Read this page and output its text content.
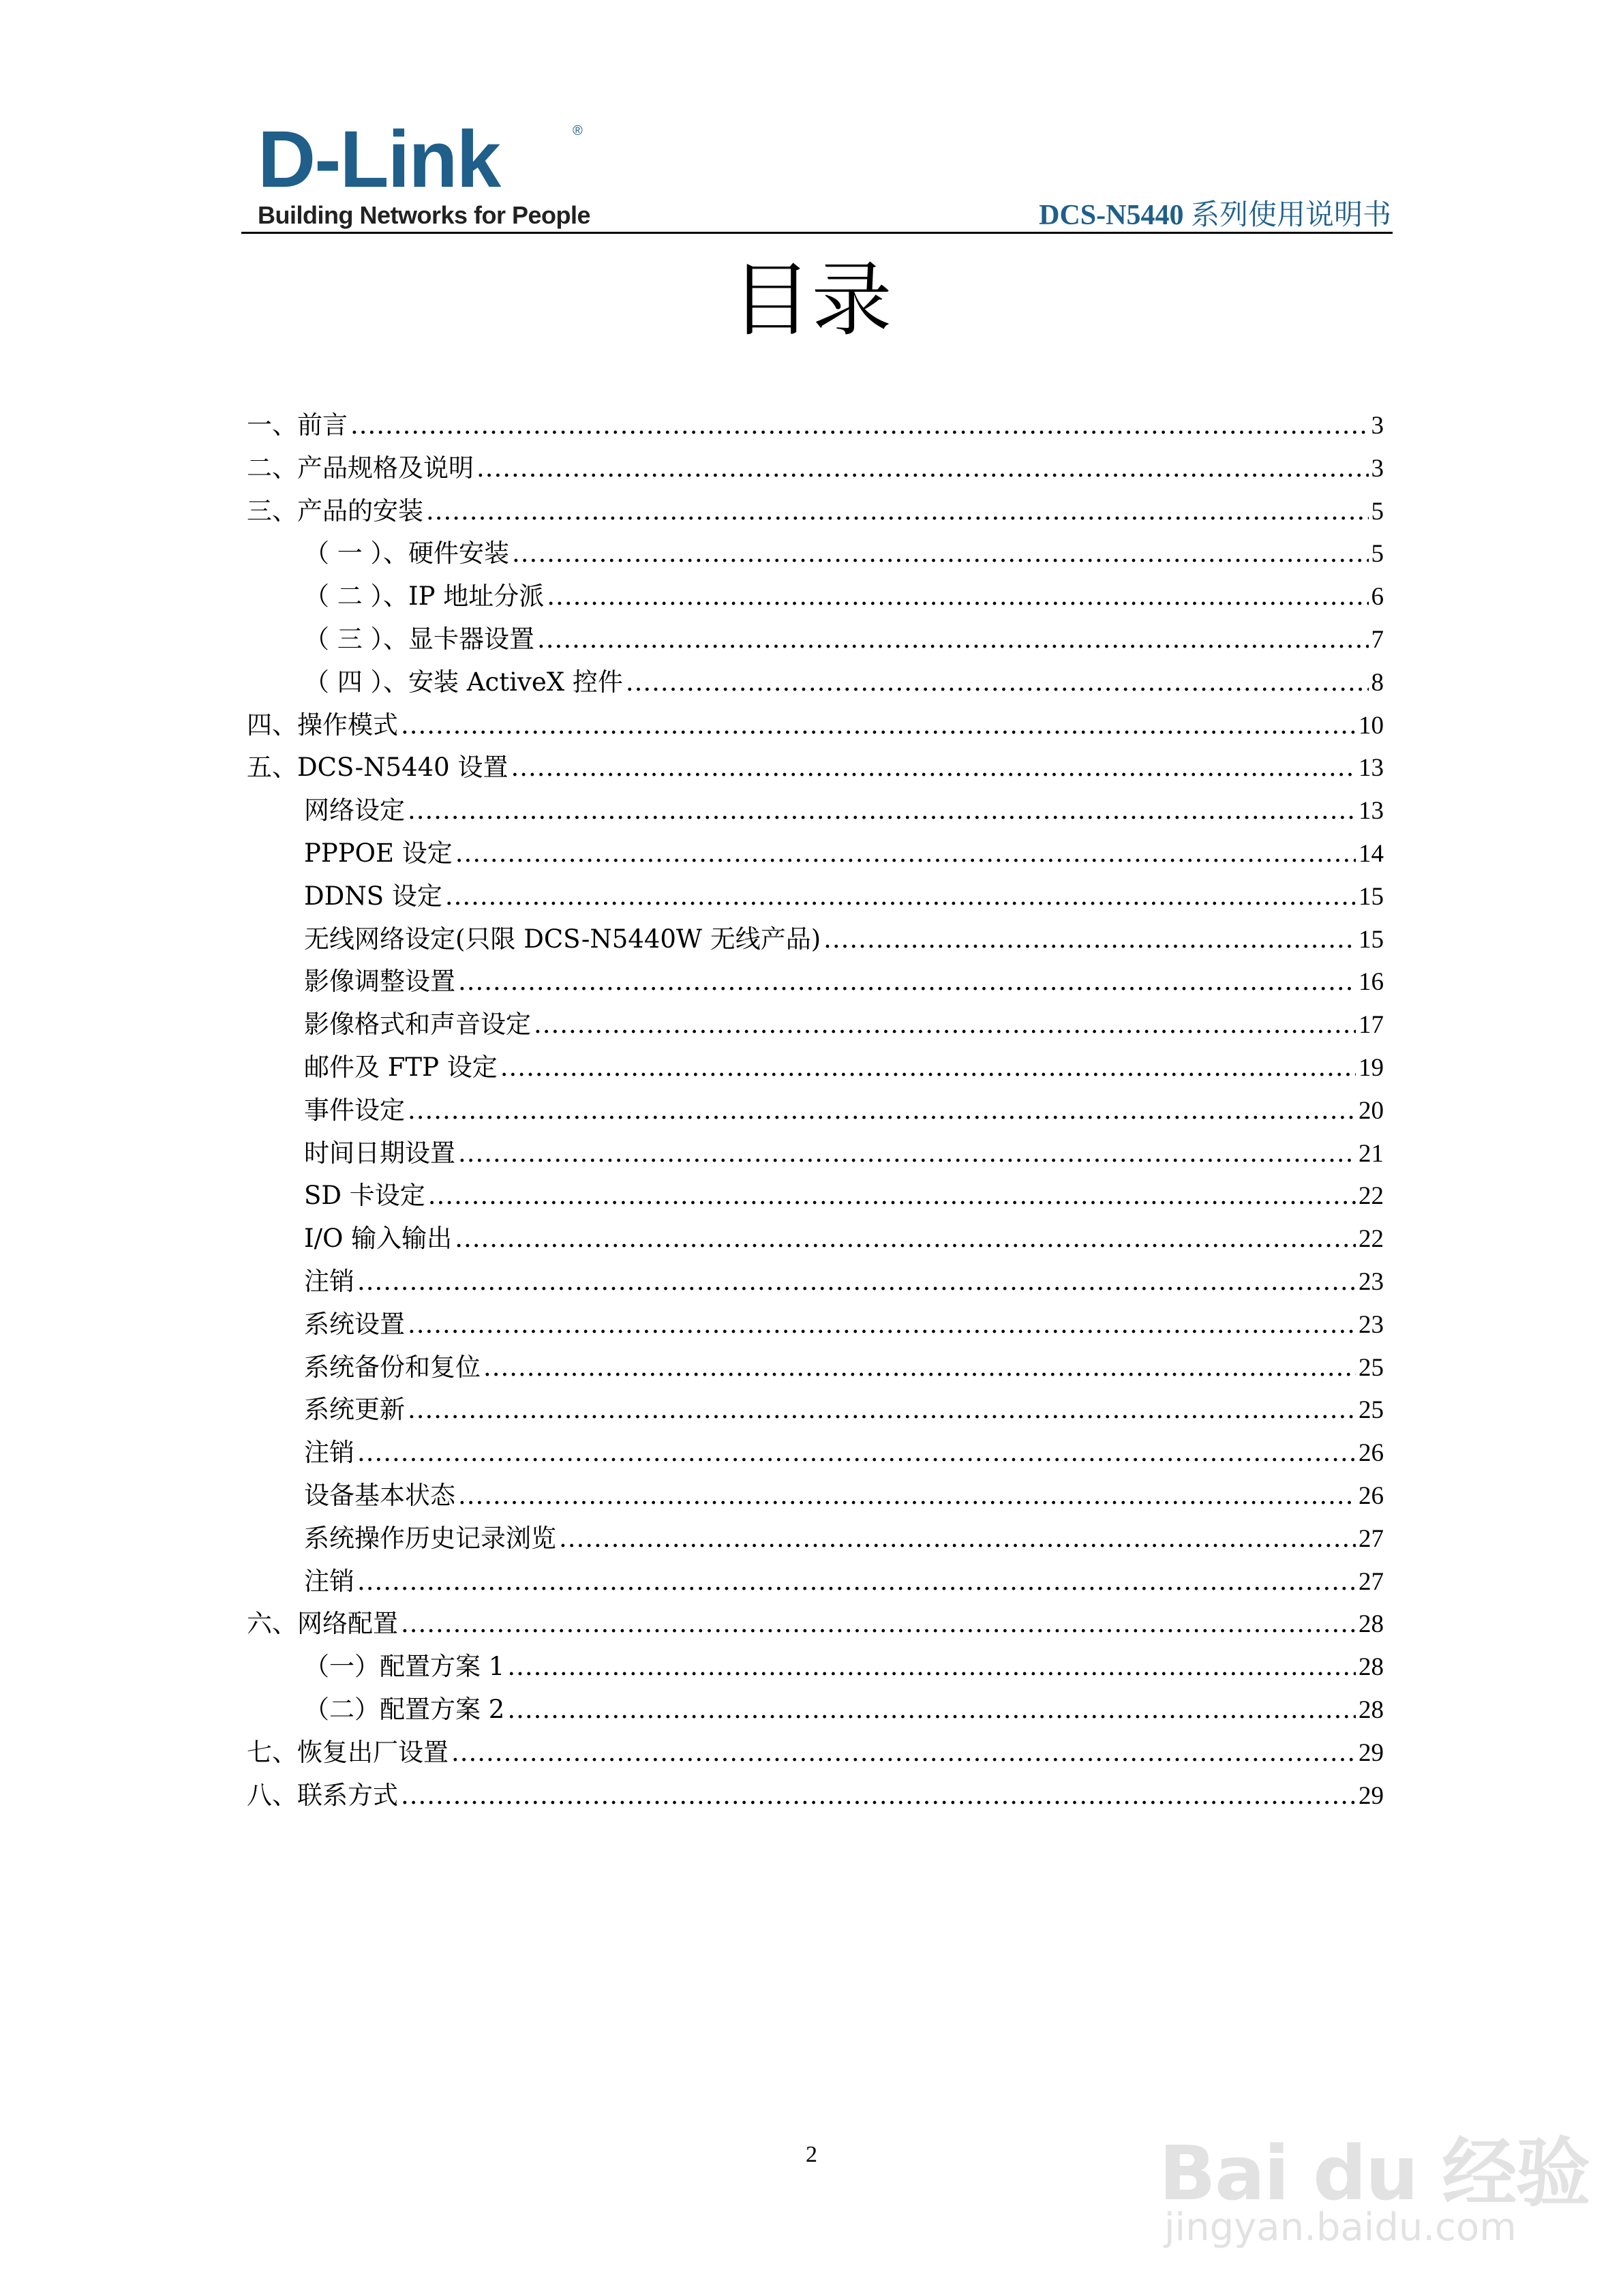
D-Link	®
Building Networks for People	DCS-N5440 系列使用说明书
目录
一、前言 .....	3
二、产品规格及说明 .....	3
三、产品的安装 .....	5
（ 一 ）、硬件安装 .....	5
（ 二 ）、IP 地址分派 .....	6
（ 三 ）、显卡器设置 .....	7
（ 四 ）、安装 ActiveX 控件 .....	8
四、操作模式 .....	10
五、DCS-N5440 设置 .....	13
网络设定 .....	13
PPPOE 设定 .....	14
DDNS 设定 .....	15
无线网络设定(只限 DCS-N5440W 无线产品) .....	15
影像调整设置 .....	16
影像格式和声音设定 .....	17
邮件及 FTP 设定 .....	19
事件设定 .....	20
时间日期设置 .....	21
SD 卡设定 .....	22
I/O 输入输出 .....	22
注销 .....	23
系统设置 .....	23
系统备份和复位 .....	25
系统更新 .....	25
注销 .....	26
设备基本状态 .....	26
系统操作历史记录浏览 .....	27
注销 .....	27
六、网络配置 .....	28
（一）配置方案 1 .....	28
（二）配置方案 2 .....	28
七、恢复出厂设置 .....	29
八、联系方式 .....	29
2	Bai du 经验
jingyan.baidu.com
